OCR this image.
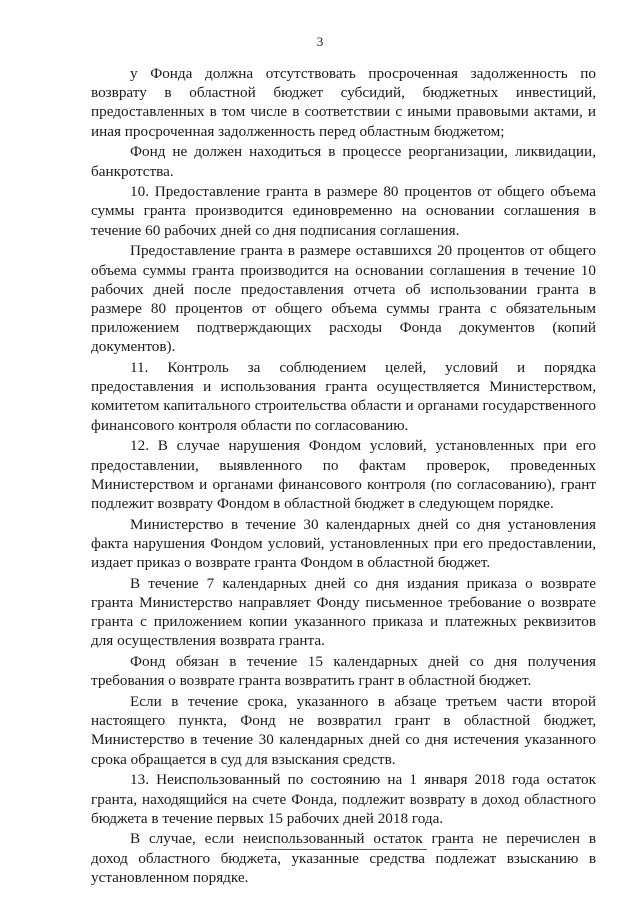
3

у Фонда должна отсутствовать просроченная задолженность по возврату в областной бюджет субсидий, бюджетных инвестиций, предоставленных в том числе в соответствии с иными правовыми актами, и иная просроченная задолженность перед областным бюджетом;

Фонд не должен находиться в процессе реорганизации, ликвидации, банкротства.

10. Предоставление гранта в размере 80 процентов от общего объема суммы гранта производится единовременно на основании соглашения в течение 60 рабочих дней со дня подписания соглашения.

Предоставление гранта в размере оставшихся 20 процентов от общего объема суммы гранта производится на основании соглашения в течение 10 рабочих дней после предоставления отчета об использовании гранта в размере 80 процентов от общего объема суммы гранта с обязательным приложением подтверждающих расходы Фонда документов (копий документов).

11. Контроль за соблюдением целей, условий и порядка предоставления и использования гранта осуществляется Министерством, комитетом капитального строительства области и органами государственного финансового контроля области по согласованию.

12. В случае нарушения Фондом условий, установленных при его предоставлении, выявленного по фактам проверок, проведенных Министерством и органами финансового контроля (по согласованию), грант подлежит возврату Фондом в областной бюджет в следующем порядке.

Министерство в течение 30 календарных дней со дня установления факта нарушения Фондом условий, установленных при его предоставлении, издает приказ о возврате гранта Фондом в областной бюджет.

В течение 7 календарных дней со дня издания приказа о возврате гранта Министерство направляет Фонду письменное требование о возврате гранта с приложением копии указанного приказа и платежных реквизитов для осуществления возврата гранта.

Фонд обязан в течение 15 календарных дней со дня получения требования о возврате гранта возвратить грант в областной бюджет.

Если в течение срока, указанного в абзаце третьем части второй настоящего пункта, Фонд не возвратил грант в областной бюджет, Министерство в течение 30 календарных дней со дня истечения указанного срока обращается в суд для взыскания средств.

13. Неиспользованный по состоянию на 1 января 2018 года остаток гранта, находящийся на счете Фонда, подлежит возврату в доход областного бюджета в течение первых 15 рабочих дней 2018 года.

В случае, если неиспользованный остаток гранта не перечислен в доход областного бюджета, указанные средства подлежат взысканию в установленном порядке.
